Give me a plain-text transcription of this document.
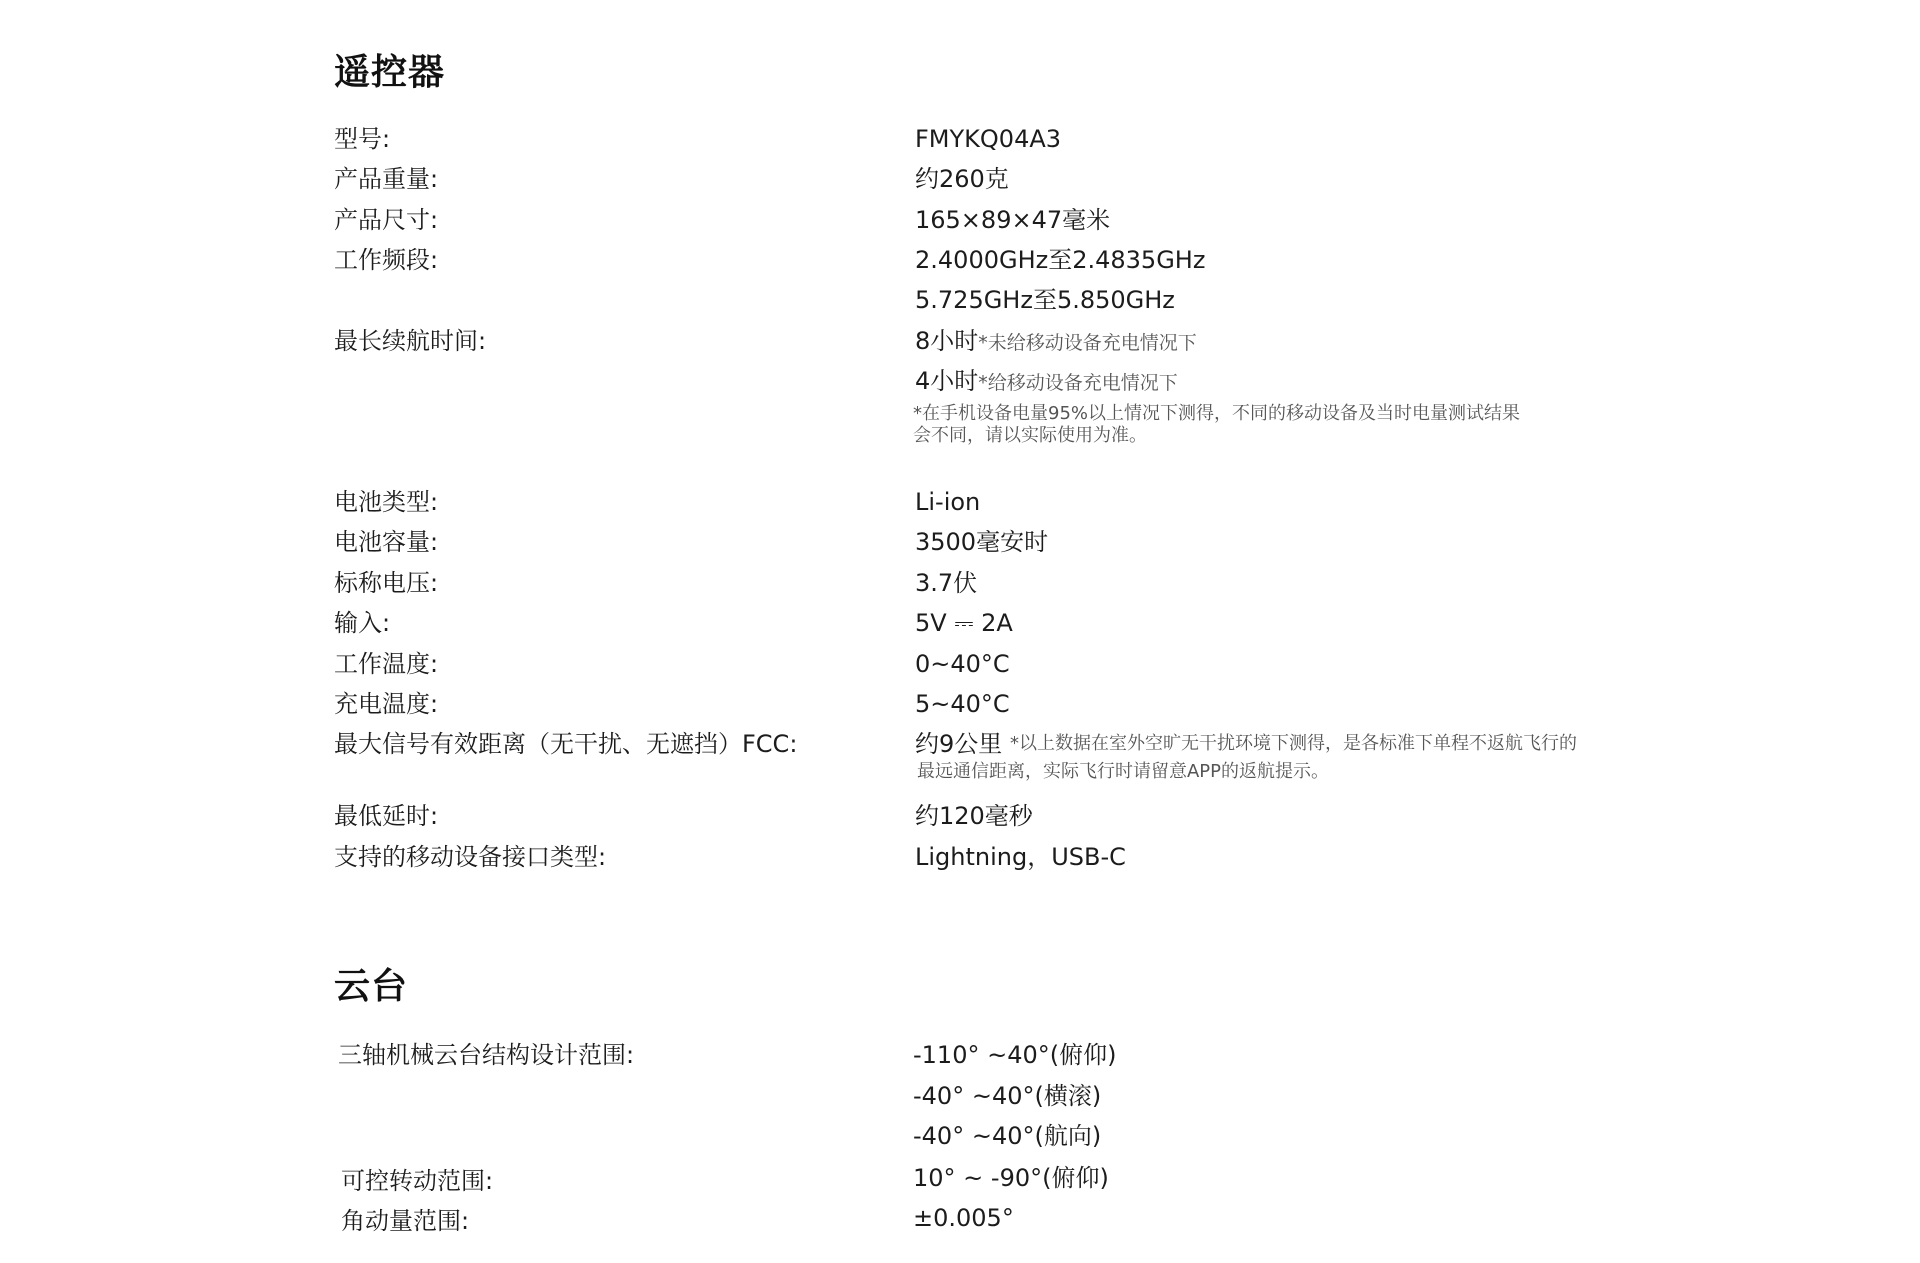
遥控器
型号:	FMYKQ04A3
产品重量:	约260克
产品尺寸:	165×89×47毫米
工作频段:	2.4000GHz至2.4835GHz
5.725GHz至5.850GHz
最长续航时间:	8小时*未给移动设备充电情况下
4小时*给移动设备充电情况下
*在手机设备电量95%以上情况下测得，不同的移动设备及当时电量测试结果
会不同，请以实际使用为准。
电池类型:	Li-ion
电池容量:	3500毫安时
标称电压:	3.7伏
输入:	5V ⎓ 2A
工作温度:	0~40°C
充电温度:	5~40°C
最大信号有效距离（无干扰、无遮挡）FCC:	约9公里 *以上数据在室外空旷无干扰环境下测得，是各标准下单程不返航飞行的
最远通信距离，实际飞行时请留意APP的返航提示。
最低延时:	约120毫秒
支持的移动设备接口类型:	Lightning，USB-C
云台
三轴机械云台结构设计范围:	-110° ~40°(俯仰)
-40° ~40°(横滚)
-40° ~40°(航向)
可控转动范围:	10° ~ -90°(俯仰)
角动量范围:	±0.005°
